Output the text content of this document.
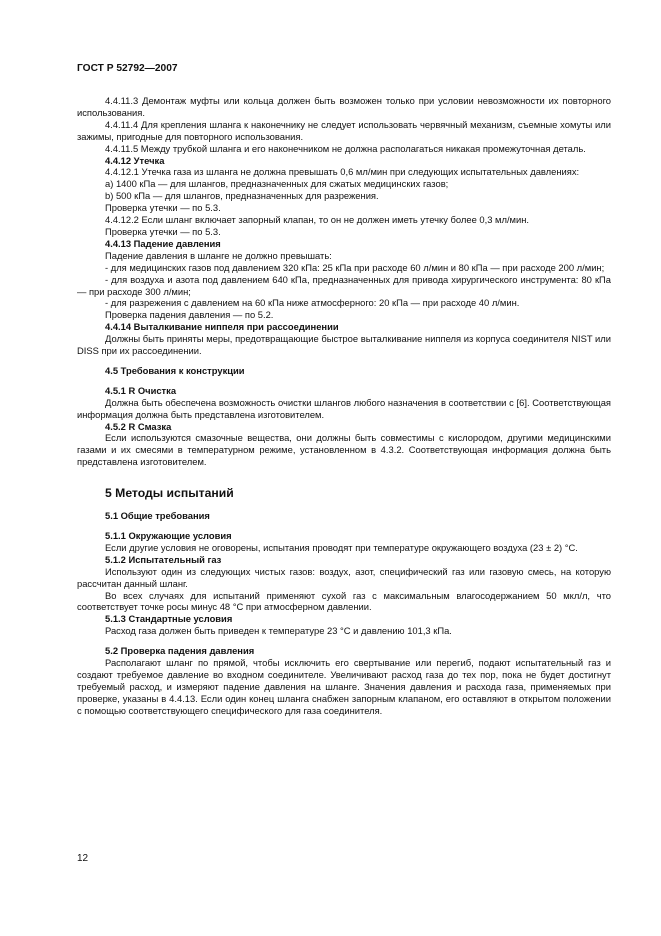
ГОСТ Р 52792—2007

4.4.11.3 Демонтаж муфты или кольца должен быть возможен только при условии невозможности их повторного использования.

4.4.11.4 Для крепления шланга к наконечнику не следует использовать червячный механизм, съемные хомуты или зажимы, пригодные для повторного использования.

4.4.11.5 Между трубкой шланга и его наконечником не должна располагаться никакая промежуточная деталь.

4.4.12 Утечка

4.4.12.1 Утечка газа из шланга не должна превышать 0,6 мл/мин при следующих испытательных давлениях:

а) 1400 кПа — для шлангов, предназначенных для сжатых медицинских газов;

b) 500 кПа — для шлангов, предназначенных для разрежения.

Проверка утечки — по 5.3.

4.4.12.2 Если шланг включает запорный клапан, то он не должен иметь утечку более 0,3 мл/мин.

Проверка утечки — по 5.3.

4.4.13 Падение давления

Падение давления в шланге не должно превышать:

- для медицинских газов под давлением 320 кПа: 25 кПа при расходе 60 л/мин и 80 кПа — при расходе 200 л/мин;

- для воздуха и азота под давлением 640 кПа, предназначенных для привода хирургического инструмента: 80 кПа — при расходе 300 л/мин;

- для разрежения с давлением на 60 кПа ниже атмосферного: 20 кПа — при расходе 40 л/мин.

Проверка падения давления — по 5.2.

4.4.14 Выталкивание ниппеля при рассоединении

Должны быть приняты меры, предотвращающие быстрое выталкивание ниппеля из корпуса соединителя NIST или DISS при их рассоединении.

4.5 Требования к конструкции
4.5.1 R Очистка

Должна быть обеспечена возможность очистки шлангов любого назначения в соответствии с [6]. Соответствующая информация должна быть представлена изготовителем.

4.5.2 R Смазка

Если используются смазочные вещества, они должны быть совместимы с кислородом, другими медицинскими газами и их смесями в температурном режиме, установленном в 4.3.2. Соответствующая информация должна быть представлена изготовителем.

5 Методы испытаний
5.1 Общие требования
5.1.1 Окружающие условия

Если другие условия не оговорены, испытания проводят при температуре окружающего воздуха (23 ± 2) °С.

5.1.2 Испытательный газ

Используют один из следующих чистых газов: воздух, азот, специфический газ или газовую смесь, на которую рассчитан данный шланг.

Во всех случаях для испытаний применяют сухой газ с максимальным влагосодержанием 50 мкл/л, что соответствует точке росы минус 48 °С при атмосферном давлении.

5.1.3 Стандартные условия

Расход газа должен быть приведен к температуре 23 °С и давлению 101,3 кПа.

5.2 Проверка падения давления

Располагают шланг по прямой, чтобы исключить его свертывание или перегиб, подают испытательный газ и создают требуемое давление во входном соединителе. Увеличивают расход газа до тех пор, пока не будет достигнут требуемый расход, и измеряют падение давления на шланге. Значения давления и расхода газа, применяемых при проверке, указаны в 4.4.13. Если один конец шланга снабжен запорным клапаном, его оставляют в открытом положении с помощью соответствующего специфического для газа соединителя.

12
